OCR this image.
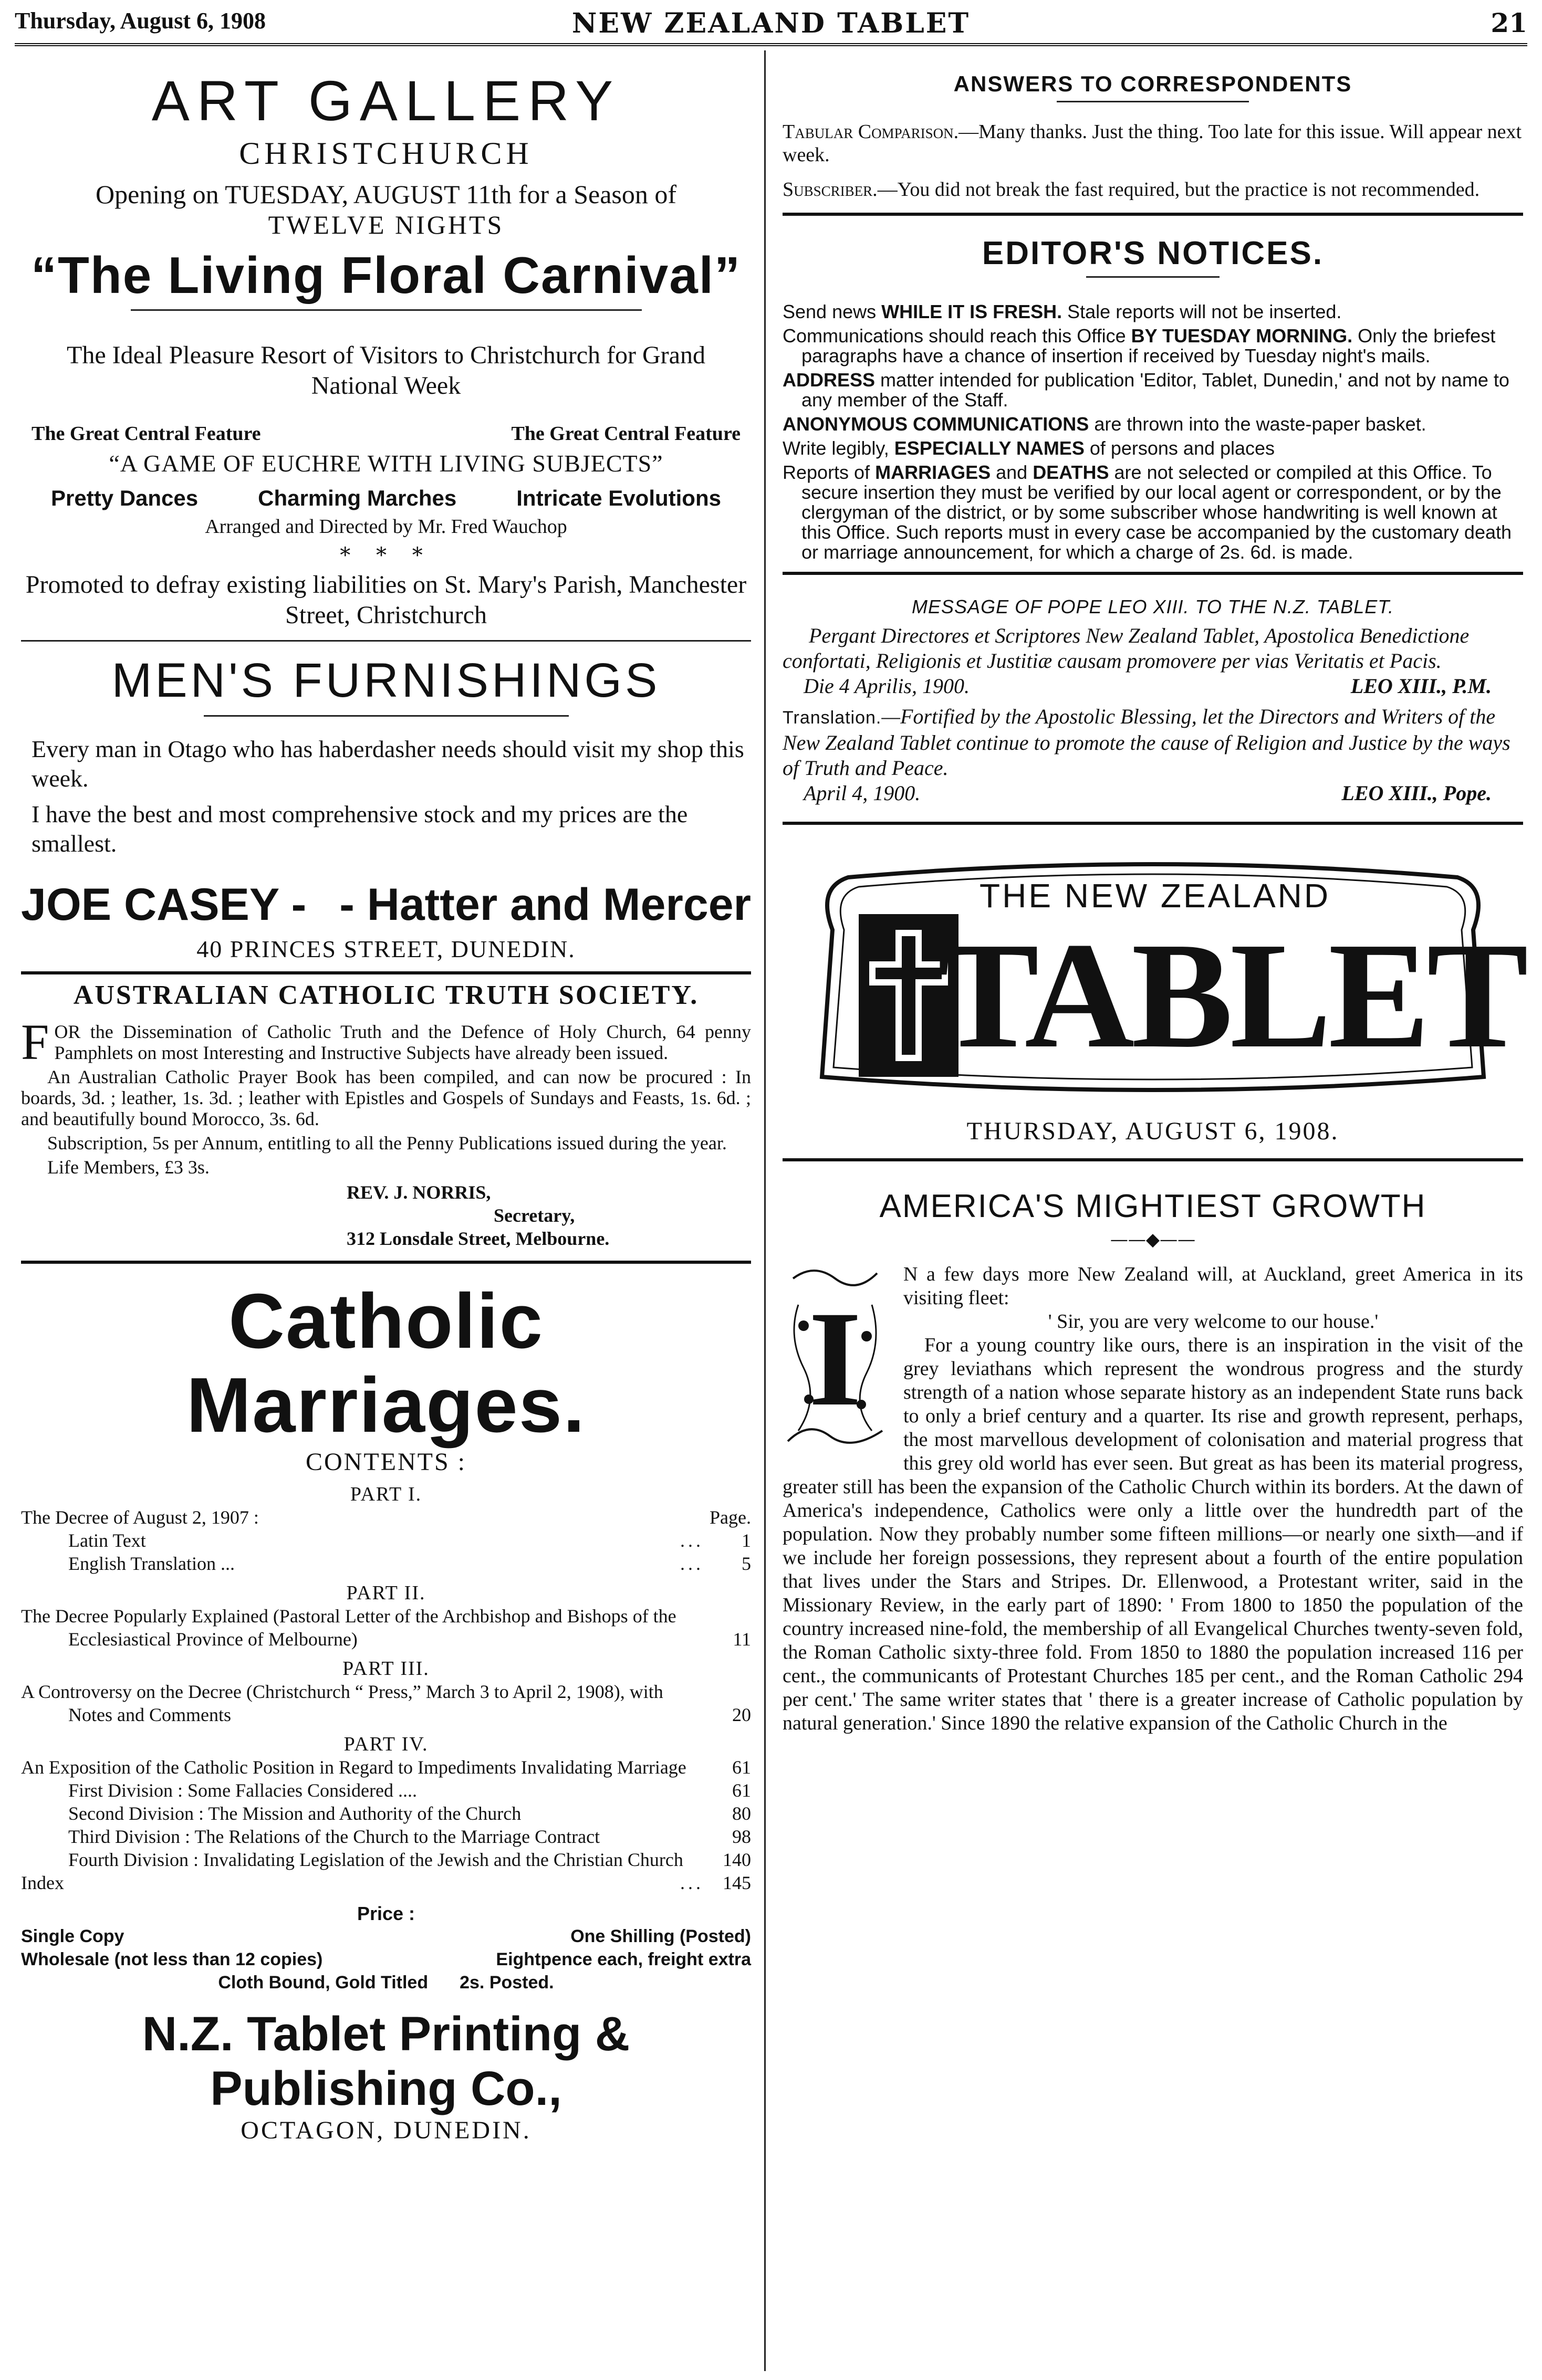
Thursday, August 6, 1908	NEW ZEALAND TABLET	21
ART GALLERY
CHRISTCHURCH
Opening on TUESDAY, AUGUST 11th for a Season of
TWELVE NIGHTS
“The Living Floral Carnival”
The Ideal Pleasure Resort of Visitors to Christchurch for Grand National Week
The Great Central Feature	The Great Central Feature
“A GAME OF EUCHRE WITH LIVING SUBJECTS”
Pretty Dances	Charming Marches	Intricate Evolutions
Arranged and Directed by Mr. Fred Wauchop
* * *
Promoted to defray existing liabilities on St. Mary's Parish, Manchester Street, Christchurch
MEN'S FURNISHINGS
Every man in Otago who has haberdasher needs should visit my shop this week.
I have the best and most comprehensive stock and my prices are the smallest.
JOE CASEY - - Hatter and Mercer
40 PRINCES STREET, DUNEDIN.
AUSTRALIAN CATHOLIC TRUTH SOCIETY.

FOR the Dissemination of Catholic Truth and the Defence of Holy Church, 64 penny Pamphlets on most Interesting and Instructive Subjects have already been issued.

An Australian Catholic Prayer Book has been compiled, and can now be procured : In boards, 3d. ; leather, 1s. 3d. ; leather with Epistles and Gospels of Sundays and Feasts, 1s. 6d. ; and beautifully bound Morocco, 3s. 6d.

Subscription, 5s per Annum, entitling to all the Penny Publications issued during the year.

Life Members, £3 3s.

REV. J. NORRIS,
Secretary,
312 Lonsdale Street, Melbourne.
Catholic Marriages.
CONTENTS :
PART I.
The Decree of August 2, 1907 :	Page.
Latin Text	...	1
English Translation ...	...	5
PART II.
The Decree Popularly Explained (Pastoral Letter of the Archbishop and Bishops of the Ecclesiastical Province of Melbourne)	11
PART III.
A Controversy on the Decree (Christchurch “ Press,” March 3 to April 2, 1908), with Notes and Comments	20
PART IV.
An Exposition of the Catholic Position in Regard to Impediments Invalidating Marriage	61
First Division : Some Fallacies Considered ....	61
Second Division : The Mission and Authority of the Church	80
Third Division : The Relations of the Church to the Marriage Contract	98
Fourth Division : Invalidating Legislation of the Jewish and the Christian Church	140
Index	...	145
Price :
Single Copy	One Shilling (Posted)
Wholesale (not less than 12 copies)	Eightpence each, freight extra
Cloth Bound, Gold Titled 2s. Posted.
N.Z. Tablet Printing & Publishing Co.,
OCTAGON, DUNEDIN.
ANSWERS TO CORRESPONDENTS
Tabular Comparison.—Many thanks. Just the thing. Too late for this issue. Will appear next week.
Subscriber.—You did not break the fast required, but the practice is not recommended.
EDITOR'S NOTICES.

Send news WHILE IT IS FRESH. Stale reports will not be inserted.

Communications should reach this Office BY TUESDAY MORNING. Only the briefest paragraphs have a chance of insertion if received by Tuesday night's mails.

ADDRESS matter intended for publication 'Editor, Tablet, Dunedin,' and not by name to any member of the Staff.

ANONYMOUS COMMUNICATIONS are thrown into the waste-paper basket.

Write legibly, ESPECIALLY NAMES of persons and places

Reports of MARRIAGES and DEATHS are not selected or compiled at this Office. To secure insertion they must be verified by our local agent or correspondent, or by the clergyman of the district, or by some subscriber whose handwriting is well known at this Office. Such reports must in every case be accompanied by the customary death or marriage announcement, for which a charge of 2s. 6d. is made.

MESSAGE OF POPE LEO XIII. TO THE N.Z. TABLET.
Pergant Directores et Scriptores New Zealand Tablet, Apostolica Benedictione confortati, Religionis et Justitiæ causam promovere per vias Veritatis et Pacis.
Die 4 Aprilis, 1900.	LEO XIII., P.M.
Translation.—Fortified by the Apostolic Blessing, let the Directors and Writers of the New Zealand Tablet continue to promote the cause of Religion and Justice by the ways of Truth and Peace.
April 4, 1900.	LEO XIII., Pope.
THE NEW ZEALAND
TABLET
THURSDAY, AUGUST 6, 1908.
AMERICA'S MIGHTIEST GROWTH
——◆——
I

N a few days more New Zealand will, at Auckland, greet America in its visiting fleet:

' Sir, you are very welcome to our house.'

For a young country like ours, there is an inspiration in the visit of the grey leviathans which represent the wondrous progress and the sturdy strength of a nation whose separate history as an independent State runs back to only a brief century and a quarter. Its rise and growth represent, perhaps, the most marvellous development of colonisation and material progress that this grey old world has ever seen. But great as has been its material progress, greater still has been the expansion of the Catholic Church within its borders. At the dawn of America's independence, Catholics were only a little over the hundredth part of the population. Now they probably number some fifteen millions—or nearly one sixth—and if we include her foreign possessions, they represent about a fourth of the entire population that lives under the Stars and Stripes. Dr. Ellenwood, a Protestant writer, said in the Missionary Review, in the early part of 1890: ' From 1800 to 1850 the population of the country increased nine-fold, the membership of all Evangelical Churches twenty-seven fold, the Roman Catholic sixty-three fold. From 1850 to 1880 the population increased 116 per cent., the communicants of Protestant Churches 185 per cent., and the Roman Catholic 294 per cent.' The same writer states that ' there is a greater increase of Catholic population by natural generation.' Since 1890 the relative expansion of the Catholic Church in the
